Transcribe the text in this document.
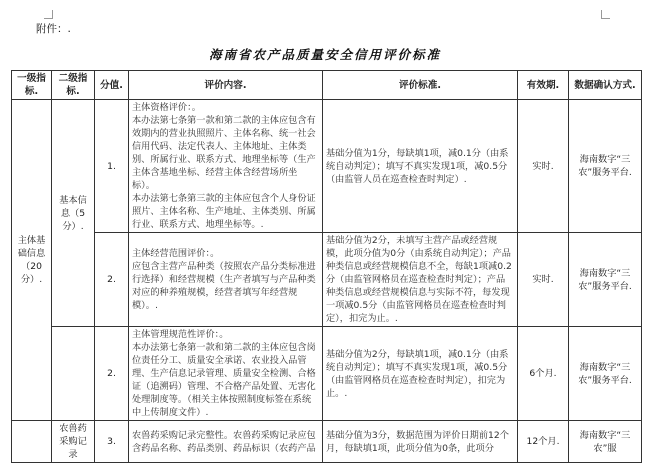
附件：.
海南省农产品质量安全信用评价标准
一级指标.	二级指标.	分值.	评价内容.	评价标准.	有效期.	数据确认方式.
主体基础信息（20分）.	基本信息（5分）.	1.	主体资格评价：。
本办法第七条第一款和第二款的主体应包含有效期内的营业执照照片、主体名称、统一社会信用代码、法定代表人、主体地址、主体类别、所属行业、联系方式、地理坐标等（生产主体含基地坐标、经营主体含经营场所坐标）。
本办法第七条第三款的主体应包含个人身份证照片、主体名称、生产地址、主体类别、所属行业、联系方式、地理坐标等。.	基础分值为1分，每缺填1项，减0.1分（由系统自动判定）；填写不真实发现1项，减0.5分（由监管人员在巡查检查时判定）.	实时.	海南数字“三农”服务平台.
		2.	主体经营范围评价：。
应包含主营产品种类（按照农产品分类标准进行选择）和经营规模（生产者填写与产品种类对应的种养殖规模，经营者填写年经营规模）。.	基础分值为2分，未填写主营产品或经营规模，此项分值为0分（由系统自动判定）；产品种类信息或经营规模信息不全，每缺1项减0.2分（由监管网格员在巡查检查时判定）；产品种类信息或经营规模信息与实际不符，每发现一项减0.5分（由监管网格员在巡查检查时判定），扣完为止。.	实时.	海南数字“三农”服务平台.
		2.	主体管理规范性评价：。
本办法第七条第一款和第二款的主体应包含岗位责任分工、质量安全承诺、农业投入品管理、生产信息记录管理、质量安全检测、合格证（追溯码）管理、不合格产品处置、无害化处理制度等。（相关主体按照制度标签在系统中上传制度文件）.	基础分值为2分，每缺填1项，减0.1分（由系统自动判定）；填写不真实发现1项，减0.5分（由监管网格员在巡查检查时判定），扣完为止。.	6个月.	海南数字“三农”服务平台.
	农兽药采购记录	3.	农兽药采购记录完整性。农兽药采购记录应包含药品名称、药品类别、药品标识（农药产品	基础分值为3分，数据范围为评价日期前12个月，每缺填1项，此项分值为0条，此项分	12个月.	海南数字“三农”服
